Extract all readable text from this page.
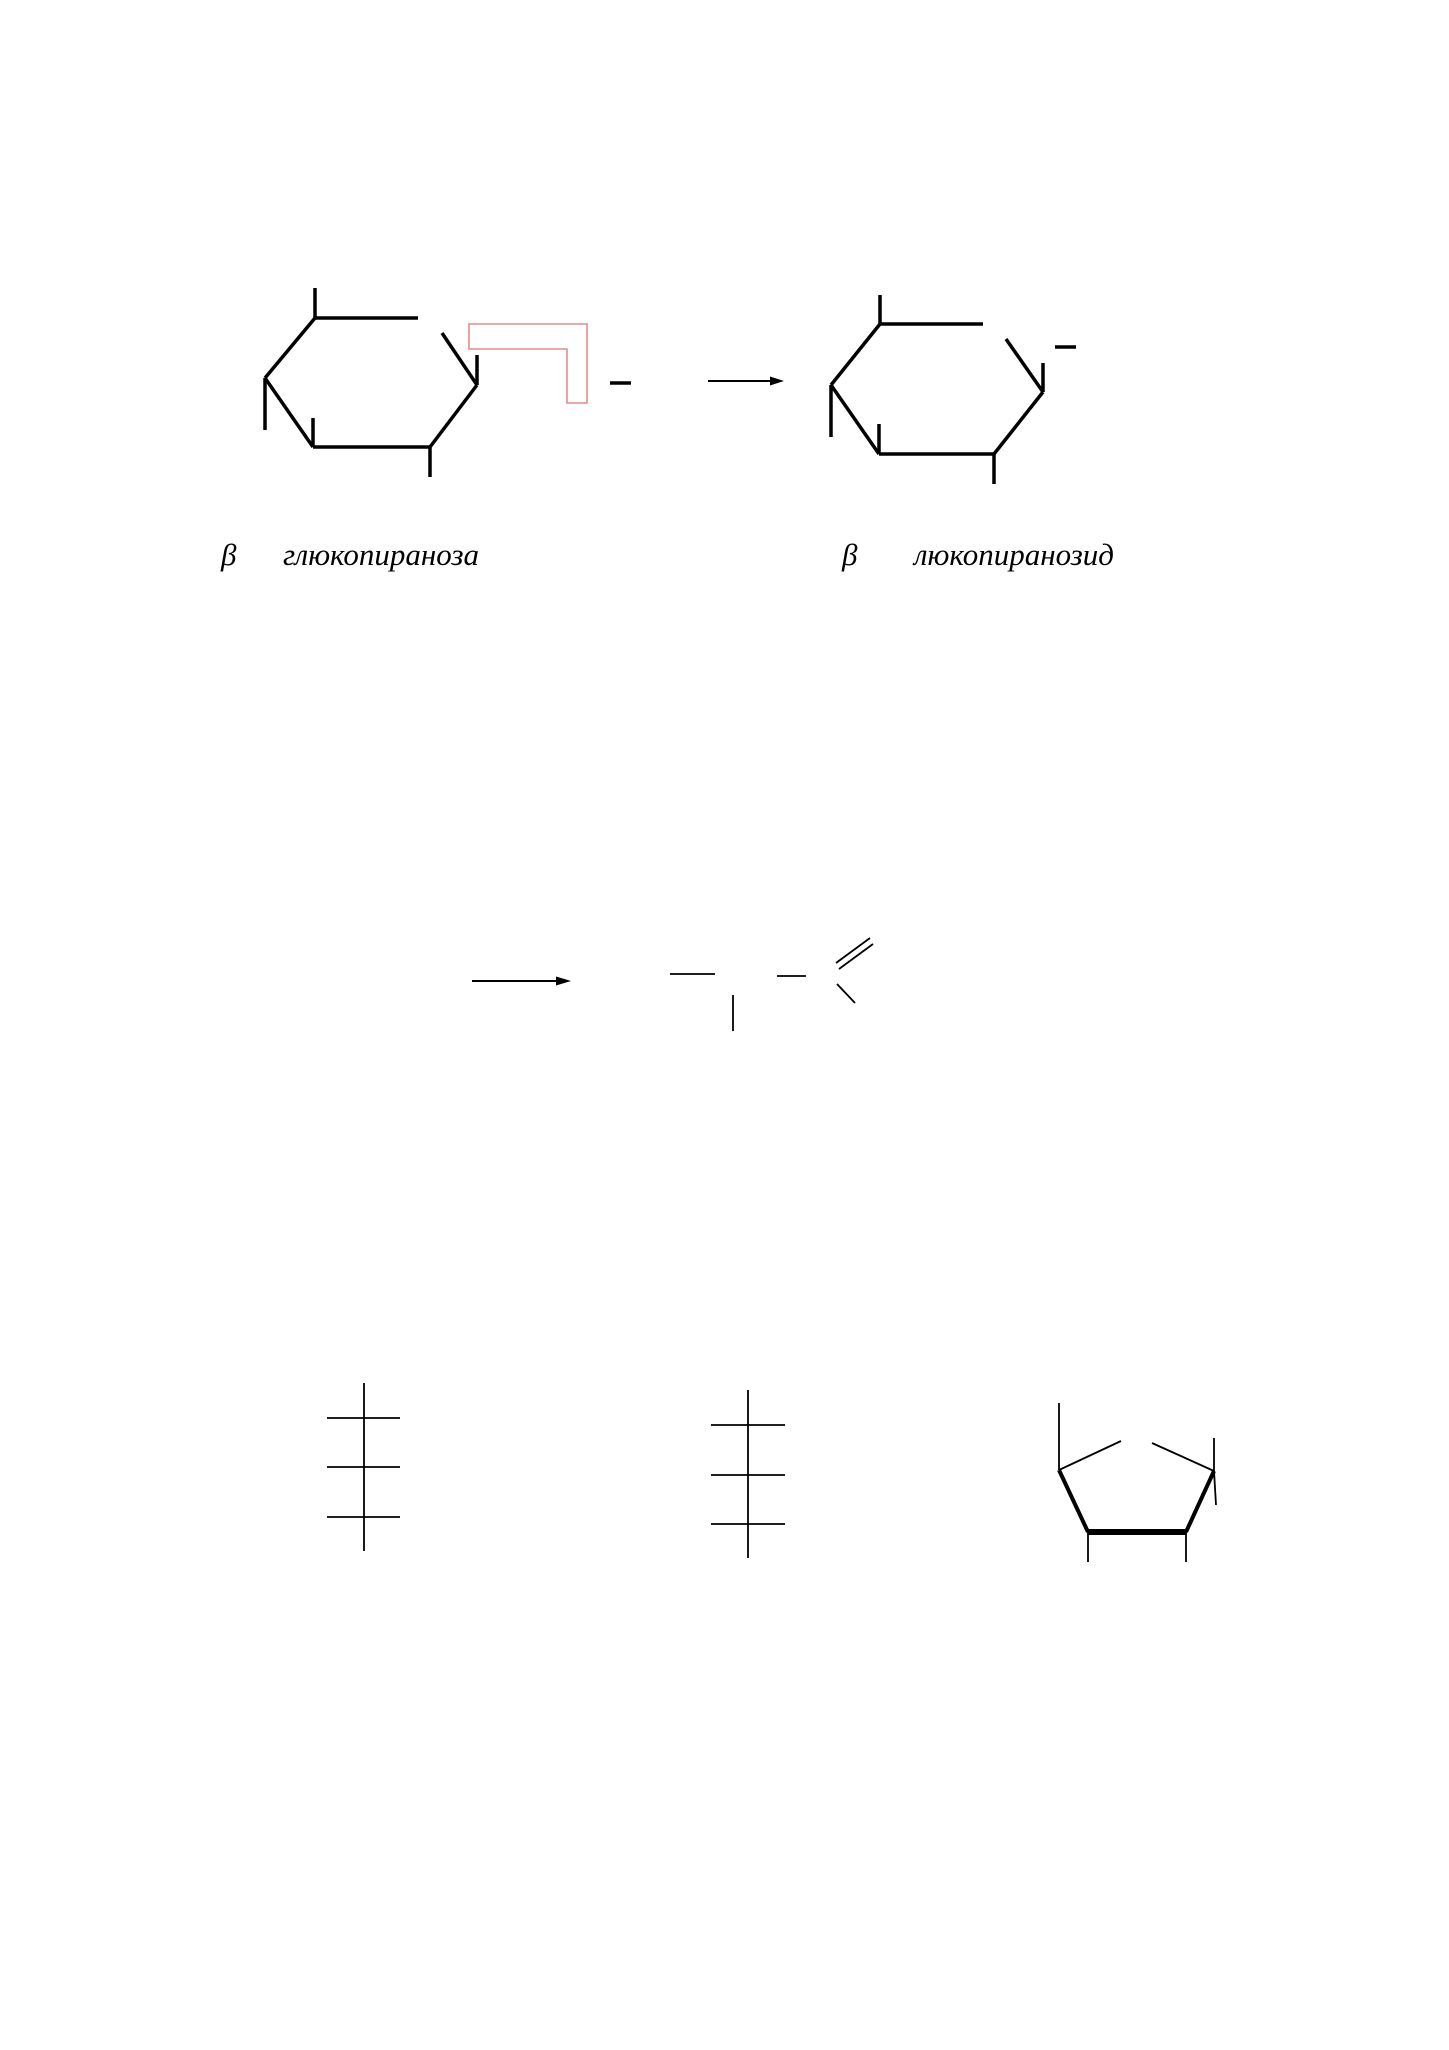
β глюкопираноза	β люкопиранозид
